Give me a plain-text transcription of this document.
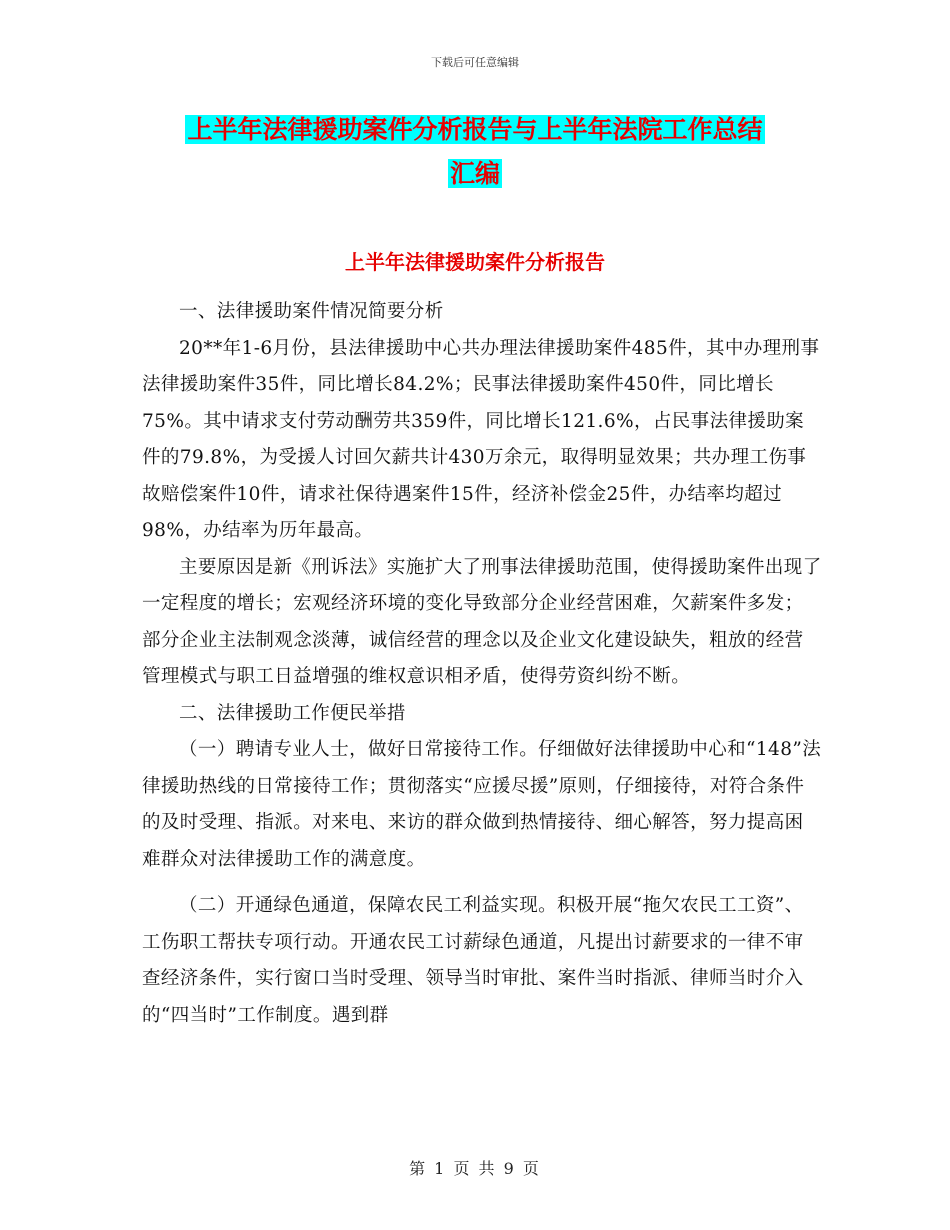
下载后可任意编辑
上半年法律援助案件分析报告与上半年法院工作总结
汇编
上半年法律援助案件分析报告

一、法律援助案件情况简要分析

20**年1-6月份，县法律援助中心共办理法律援助案件485件，其中办理刑事法律援助案件35件，同比增长84.2%；民事法律援助案件450件，同比增长75%。其中请求支付劳动酬劳共359件，同比增长121.6%，占民事法律援助案件的79.8%，为受援人讨回欠薪共计430万余元，取得明显效果；共办理工伤事故赔偿案件10件，请求社保待遇案件15件，经济补偿金25件，办结率均超过98%，办结率为历年最高。

主要原因是新《刑诉法》实施扩大了刑事法律援助范围，使得援助案件出现了一定程度的增长；宏观经济环境的变化导致部分企业经营困难，欠薪案件多发；部分企业主法制观念淡薄，诚信经营的理念以及企业文化建设缺失，粗放的经营管理模式与职工日益增强的维权意识相矛盾，使得劳资纠纷不断。

二、法律援助工作便民举措

（一）聘请专业人士，做好日常接待工作。仔细做好法律援助中心和“148”法律援助热线的日常接待工作；贯彻落实“应援尽援”原则，仔细接待，对符合条件的及时受理、指派。对来电、来访的群众做到热情接待、细心解答，努力提高困难群众对法律援助工作的满意度。

（二）开通绿色通道，保障农民工利益实现。积极开展“拖欠农民工工资”、工伤职工帮扶专项行动。开通农民工讨薪绿色通道，凡提出讨薪要求的一律不审查经济条件，实行窗口当时受理、领导当时审批、案件当时指派、律师当时介入的“四当时”工作制度。遇到群

第 1 页 共 9 页
